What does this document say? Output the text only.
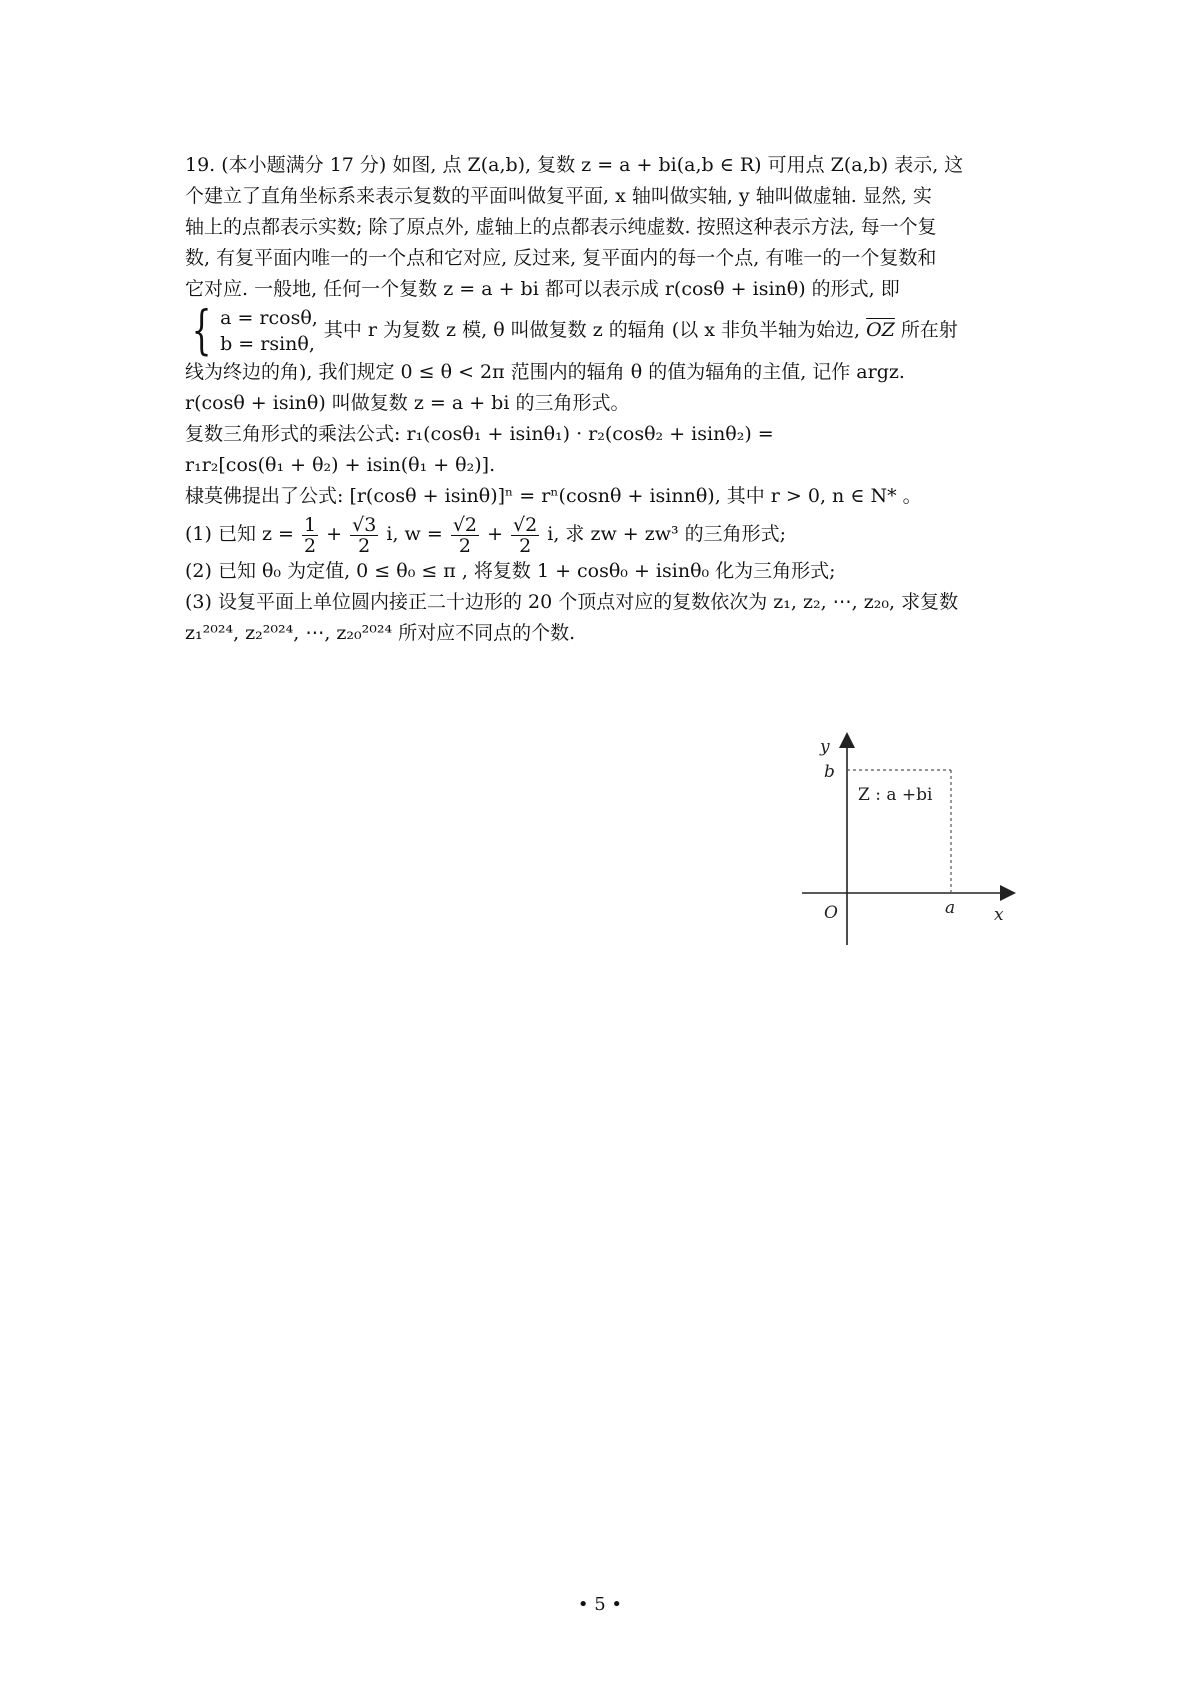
19. (本小题满分 17 分) 如图, 点 Z(a,b), 复数 z = a + bi(a,b ∈ R) 可用点 Z(a,b) 表示, 这
个建立了直角坐标系来表示复数的平面叫做复平面, x 轴叫做实轴, y 轴叫做虚轴. 显然, 实
轴上的点都表示实数; 除了原点外, 虚轴上的点都表示纯虚数. 按照这种表示方法, 每一个复
数, 有复平面内唯一的一个点和它对应, 反过来, 复平面内的每一个点, 有唯一的一个复数和
它对应. 一般地, 任何一个复数 z = a + bi 都可以表示成 r(cosθ + isinθ) 的形式, 即
{ a = rcosθ,
b = rsinθ,
其中 r 为复数 z 模, θ 叫做复数 z 的辐角 (以 x 非负半轴为始边, $\overline{OZ}$ 所在射
线为终边的角), 我们规定 0 ≤ θ < 2π 范围内的辐角 θ 的值为辐角的主值, 记作 argz.
r(cosθ + isinθ) 叫做复数 z = a + bi 的三角形式。
复数三角形式的乘法公式: r₁(cosθ₁ + isinθ₁) · r₂(cosθ₂ + isinθ₂) =
r₁r₂[cos(θ₁ + θ₂) + isin(θ₁ + θ₂)].
棣莫佛提出了公式: [r(cosθ + isinθ)]ⁿ = rⁿ(cosnθ + isinnθ), 其中 r > 0, n ∈ N* 。
(1) 已知 $z = \frac{1}{2} + \frac{√3}{2} i$, $w = \frac{√2}{2} + \frac{√2}{2} i$, 求 zw + zw³ 的三角形式;
(2) 已知 θ₀ 为定值, 0 ≤ θ₀ ≤ π , 将复数 1 + cosθ₀ + isinθ₀ 化为三角形式;
(3) 设复平面上单位圆内接正二十边形的 20 个顶点对应的复数依次为 z₁, z₂, ⋯, z₂₀, 求复数
z₁²⁰²⁴, z₂²⁰²⁴, ⋯, z₂₀²⁰²⁴ 所对应不同点的个数.
y
b
Z : a +bi
O	a x
• 5 •
